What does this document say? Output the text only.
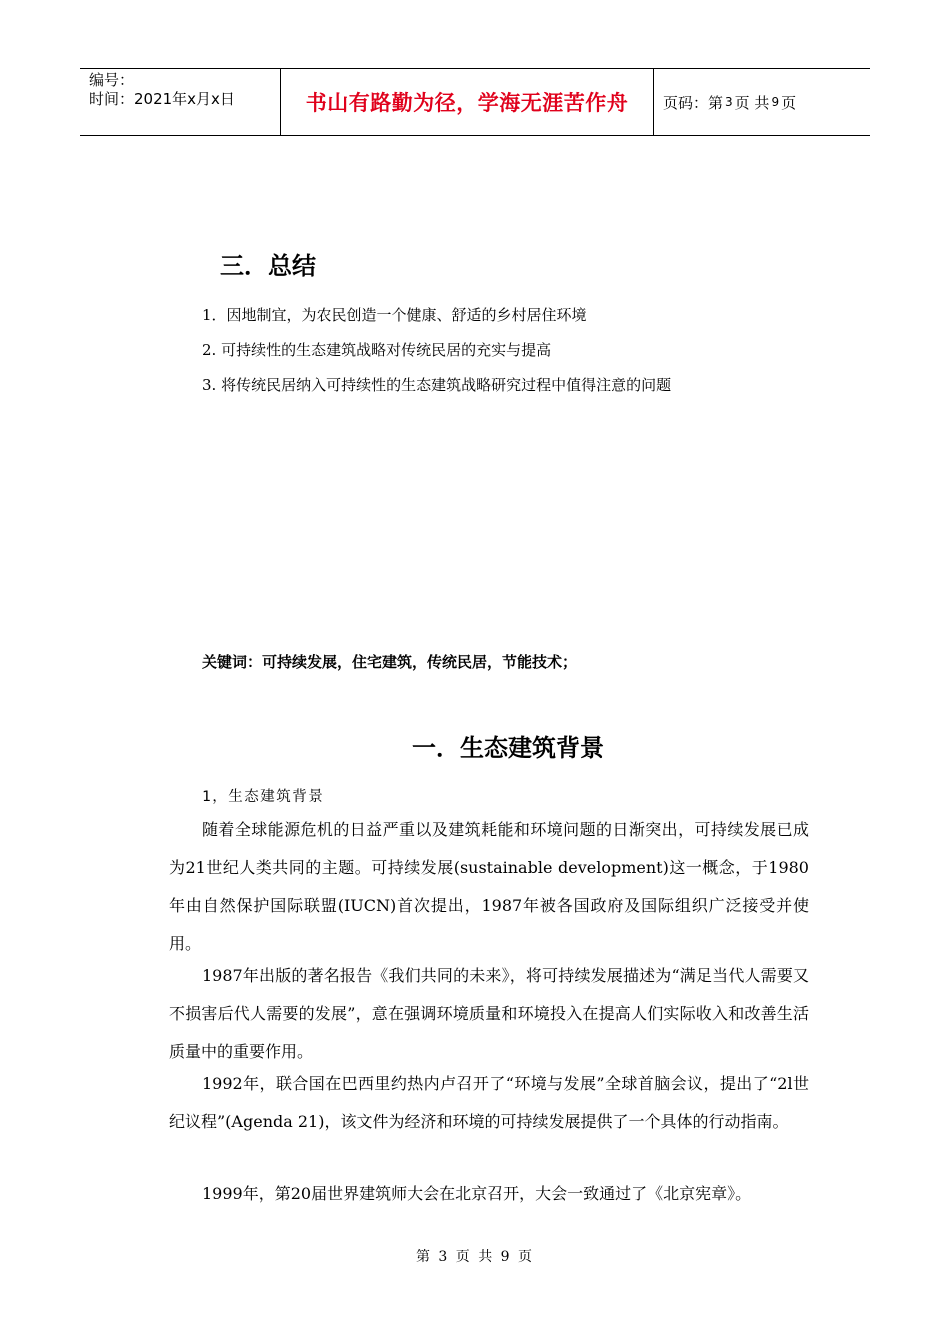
编号：
时间：2021年x月x日	书山有路勤为径，学海无涯苦作舟 页码：第 3 页 共 9 页
三．总结
1．因地制宜，为农民创造一个健康、舒适的乡村居住环境
2. 可持续性的生态建筑战略对传统民居的充实与提高
3. 将传统民居纳入可持续性的生态建筑战略研究过程中值得注意的问题
关键词：可持续发展，住宅建筑，传统民居，节能技术；
一．生态建筑背景
1，生态建筑背景
随着全球能源危机的日益严重以及建筑耗能和环境问题的日渐突出，可持续发展已成为21世纪人类共同的主题。可持续发展(sustainable development)这一概念，于1980年由自然保护国际联盟(IUCN)首次提出，1987年被各国政府及国际组织广泛接受并使用。
1987年出版的著名报告《我们共同的未来》，将可持续发展描述为“满足当代人需要又不损害后代人需要的发展”，意在强调环境质量和环境投入在提高人们实际收入和改善生活质量中的重要作用。
1992年，联合国在巴西里约热内卢召开了“环境与发展”全球首脑会议，提出了“2l世纪议程”(Agenda 21)，该文件为经济和环境的可持续发展提供了一个具体的行动指南。
1999年，第20届世界建筑师大会在北京召开，大会一致通过了《北京宪章》。
第 3 页 共 9 页
